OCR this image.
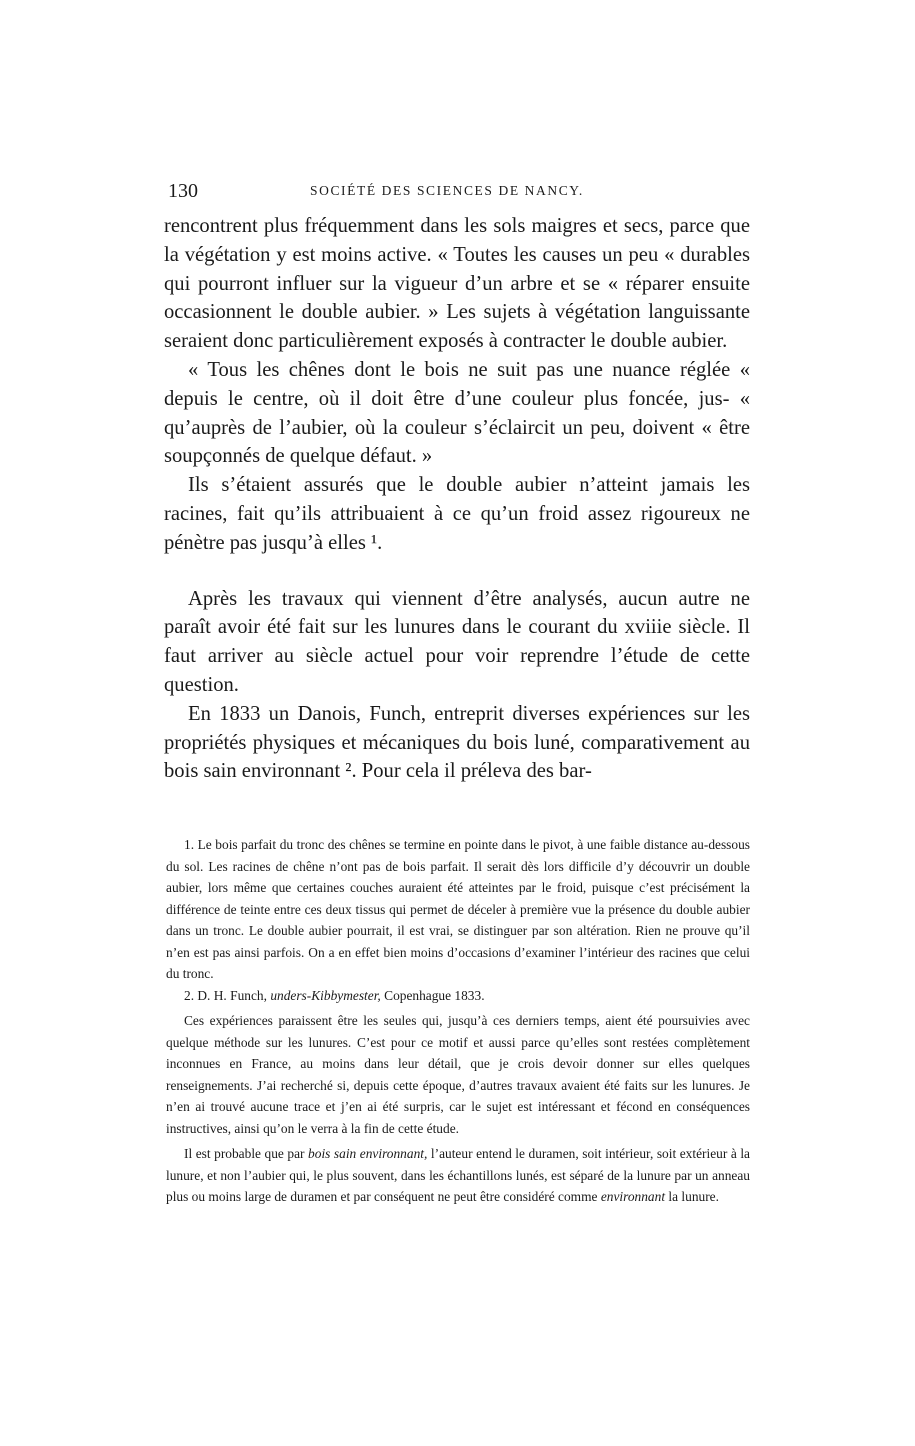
130	SOCIÉTÉ DES SCIENCES DE NANCY.

rencontrent plus fréquemment dans les sols maigres et secs, parce que la végétation y est moins active. « Toutes les causes un peu « durables qui pourront influer sur la vigueur d’un arbre et se « réparer ensuite occasionnent le double aubier. » Les sujets à végétation languissante seraient donc particulièrement exposés à contracter le double aubier.

« Tous les chênes dont le bois ne suit pas une nuance réglée « depuis le centre, où il doit être d’une couleur plus foncée, jus- « qu’auprès de l’aubier, où la couleur s’éclaircit un peu, doivent « être soupçonnés de quelque défaut. »

Ils s’étaient assurés que le double aubier n’atteint jamais les racines, fait qu’ils attribuaient à ce qu’un froid assez rigoureux ne pénètre pas jusqu’à elles ¹.

Après les travaux qui viennent d’être analysés, aucun autre ne paraît avoir été fait sur les lunures dans le courant du xviiie siècle. Il faut arriver au siècle actuel pour voir reprendre l’étude de cette question.

En 1833 un Danois, Funch, entreprit diverses expériences sur les propriétés physiques et mécaniques du bois luné, comparativement au bois sain environnant ². Pour cela il préleva des bar-

1. Le bois parfait du tronc des chênes se termine en pointe dans le pivot, à une faible distance au-dessous du sol. Les racines de chêne n’ont pas de bois parfait. Il serait dès lors difficile d’y découvrir un double aubier, lors même que certaines couches auraient été atteintes par le froid, puisque c’est précisément la différence de teinte entre ces deux tissus qui permet de déceler à première vue la présence du double aubier dans un tronc. Le double aubier pourrait, il est vrai, se distinguer par son altération. Rien ne prouve qu’il n’en est pas ainsi parfois. On a en effet bien moins d’occasions d’examiner l’intérieur des racines que celui du tronc.

2. D. H. Funch, unders-Kibbymester, Copenhague 1833.

Ces expériences paraissent être les seules qui, jusqu’à ces derniers temps, aient été poursuivies avec quelque méthode sur les lunures. C’est pour ce motif et aussi parce qu’elles sont restées complètement inconnues en France, au moins dans leur détail, que je crois devoir donner sur elles quelques renseignements. J’ai recherché si, depuis cette époque, d’autres travaux avaient été faits sur les lunures. Je n’en ai trouvé aucune trace et j’en ai été surpris, car le sujet est intéressant et fécond en conséquences instructives, ainsi qu’on le verra à la fin de cette étude.

Il est probable que par bois sain environnant, l’auteur entend le duramen, soit intérieur, soit extérieur à la lunure, et non l’aubier qui, le plus souvent, dans les échantillons lunés, est séparé de la lunure par un anneau plus ou moins large de duramen et par conséquent ne peut être considéré comme environnant la lunure.
